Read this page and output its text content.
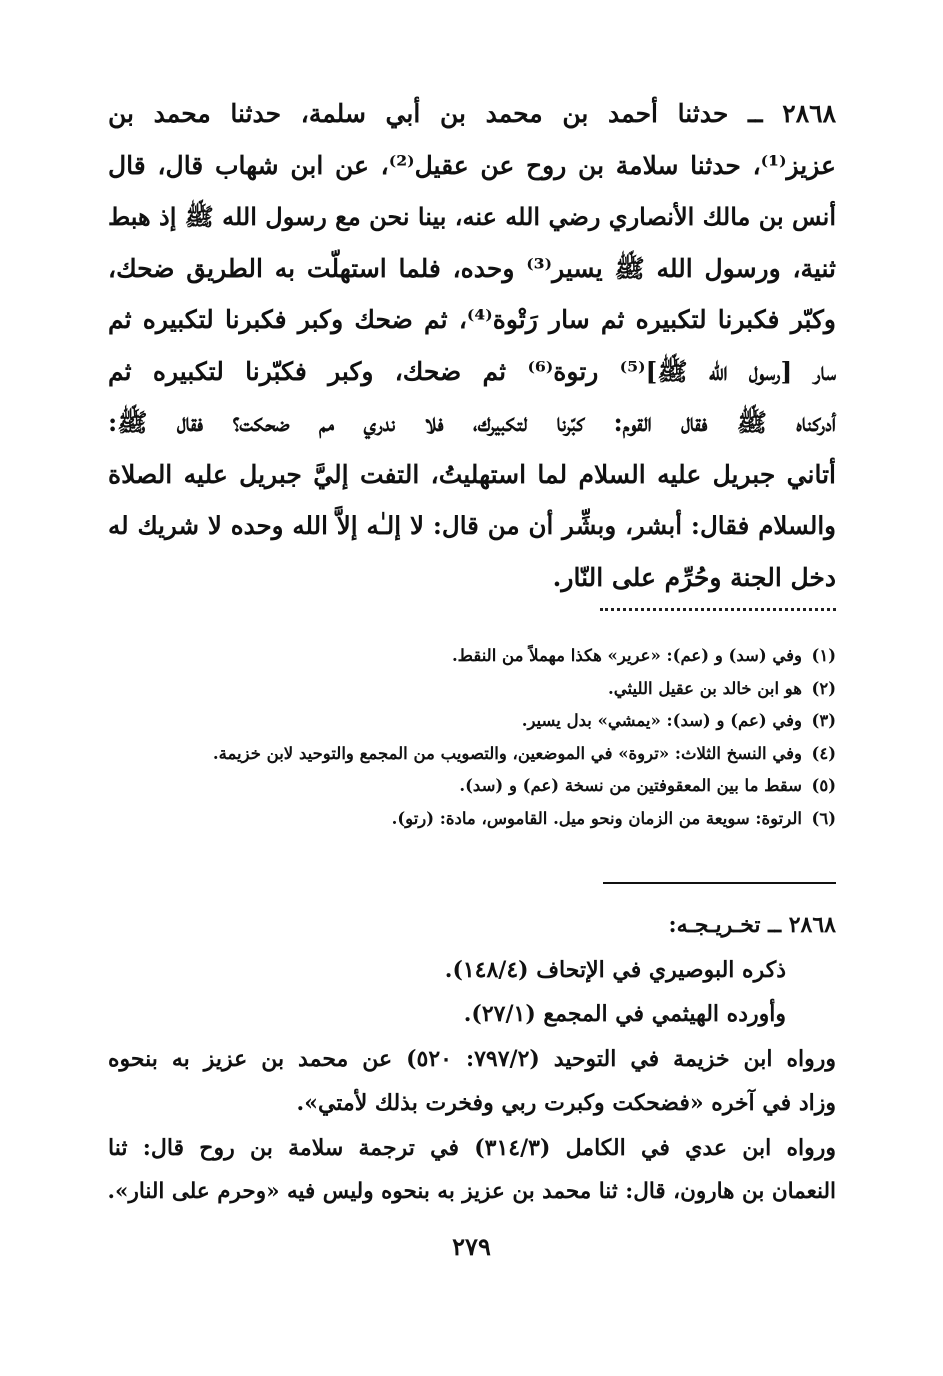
٢٨٦٨ ــ حدثنا أحمد بن محمد بن أبي سلمة، حدثنا محمد بن
عزيز⁽¹⁾، حدثنا سلامة بن روح عن عقيل⁽²⁾، عن ابن شهاب قال، قال
أنس بن مالك الأنصاري رضي الله عنه، بينا نحن مع رسول الله ﷺ إذ هبط
ثنية، ورسول الله ﷺ يسير⁽³⁾ وحده، فلما استهلّت به الطريق ضحك،
وكبّر فكبرنا لتكبيره ثم سار رَتْوة⁽⁴⁾، ثم ضحك وكبر فكبرنا لتكبيره ثم
سار [رسول الله ﷺ]⁽⁵⁾ رتوة⁽⁶⁾ ثم ضحك، وكبر فكبّرنا لتكبيره ثم
أدركناه ﷺ فقال القوم: كبّرنا لتكبيرك، فلا ندري مم ضحكت؟ فقال ﷺ:
أتاني جبريل عليه السلام لما استهليتُ، التفت إليَّ جبريل عليه الصلاة
والسلام فقال: أبشر، وبشِّر أن من قال: لا إلـٰه إلاَّ الله وحده لا شريك له
دخل الجنة وحُرِّم على النّار.
(١)وفي (سد) و (عم): «عرير» هكذا مهملاً من النقط.
(٢)هو ابن خالد بن عقيل الليثي.
(٣)وفي (عم) و (سد): «يمشي» بدل يسير.
(٤)وفي النسخ الثلاث: «تروة» في الموضعين، والتصويب من المجمع والتوحيد لابن خزيمة.
(٥)سقط ما بين المعقوفتين من نسخة (عم) و (سد).
(٦)الرتوة: سويعة من الزمان ونحو ميل. القاموس، مادة: (رتو).
٢٨٦٨ ــ تخـريـجـه:
ذكره البوصيري في الإتحاف (١٤٨/٤).
وأورده الهيثمي في المجمع (٢٧/١).
ورواه ابن خزيمة في التوحيد (٧٩٧/٢: ٥٢٠) عن محمد بن عزيز به بنحوه
وزاد في آخره «فضحكت وكبرت ربي وفخرت بذلك لأمتي».
ورواه ابن عدي في الكامل (٣١٤/٣) في ترجمة سلامة بن روح قال: ثنا
النعمان بن هارون، قال: ثنا محمد بن عزيز به بنحوه وليس فيه «وحرم على النار».
٢٧٩
